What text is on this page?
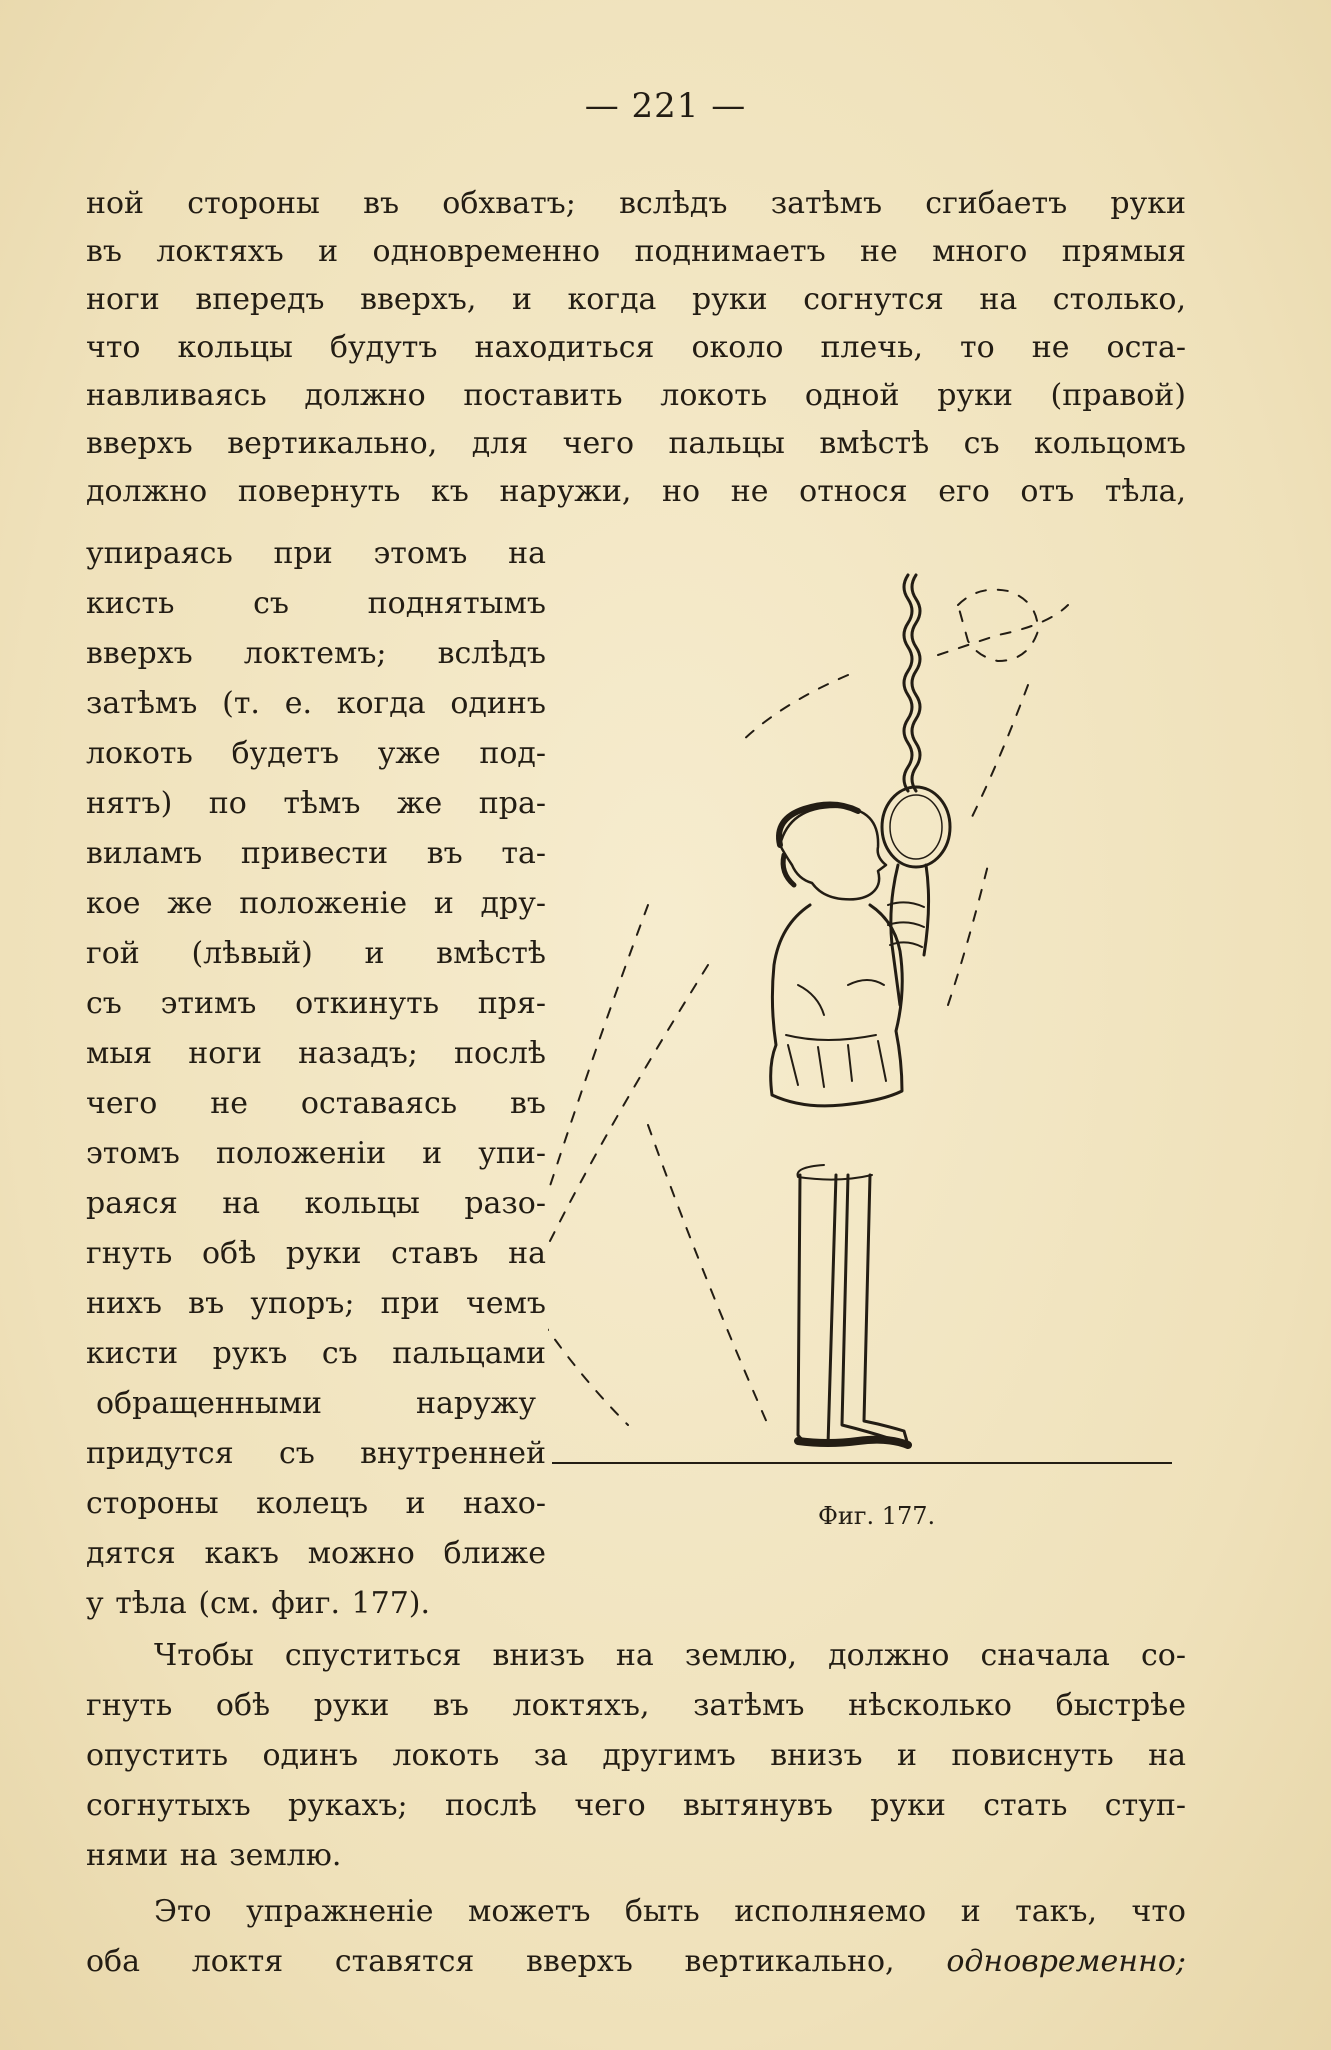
— 221 —
ной стороны въ обхватъ; вслѣдъ затѣмъ сгибаетъ руки
въ локтяхъ и одновременно поднимаетъ не много прямыя
ноги впередъ вверхъ, и когда руки согнутся на столько,
что кольцы будутъ находиться около плечь, то не оста-
навливаясь должно поставить локоть одной руки (правой)
вверхъ вертикально, для чего пальцы вмѣстѣ съ кольцомъ
должно повернуть къ наружи, но не относя его отъ тѣла,
упираясь при этомъ на
кисть съ поднятымъ
вверхъ локтемъ; вслѣдъ
затѣмъ (т. е. когда одинъ
локоть будетъ уже под-
нятъ) по тѣмъ же пра-
виламъ привести въ та-
кое же положеніе и дру-
гой (лѣвый) и вмѣстѣ
съ этимъ откинуть пря-
мыя ноги назадъ; послѣ
чего не оставаясь въ
этомъ положеніи и упи-
раяся на кольцы разо-
гнуть обѣ руки ставъ на
нихъ въ упоръ; при чемъ
кисти рукъ съ пальцами
обращенными наружу
придутся съ внутренней
стороны колецъ и нахо-
дятся какъ можно ближе
у тѣла (см. фиг. 177).
Фиг. 177.
Чтобы спуститься внизъ на землю, должно сначала со-
гнуть обѣ руки въ локтяхъ, затѣмъ нѣсколько быстрѣе
опустить одинъ локоть за другимъ внизъ и повиснуть на
согнутыхъ рукахъ; послѣ чего вытянувъ руки стать ступ-
нями на землю.
Это упражненіе можетъ быть исполняемо и такъ, что
оба локтя ставятся вверхъ вертикально, одновременно;
